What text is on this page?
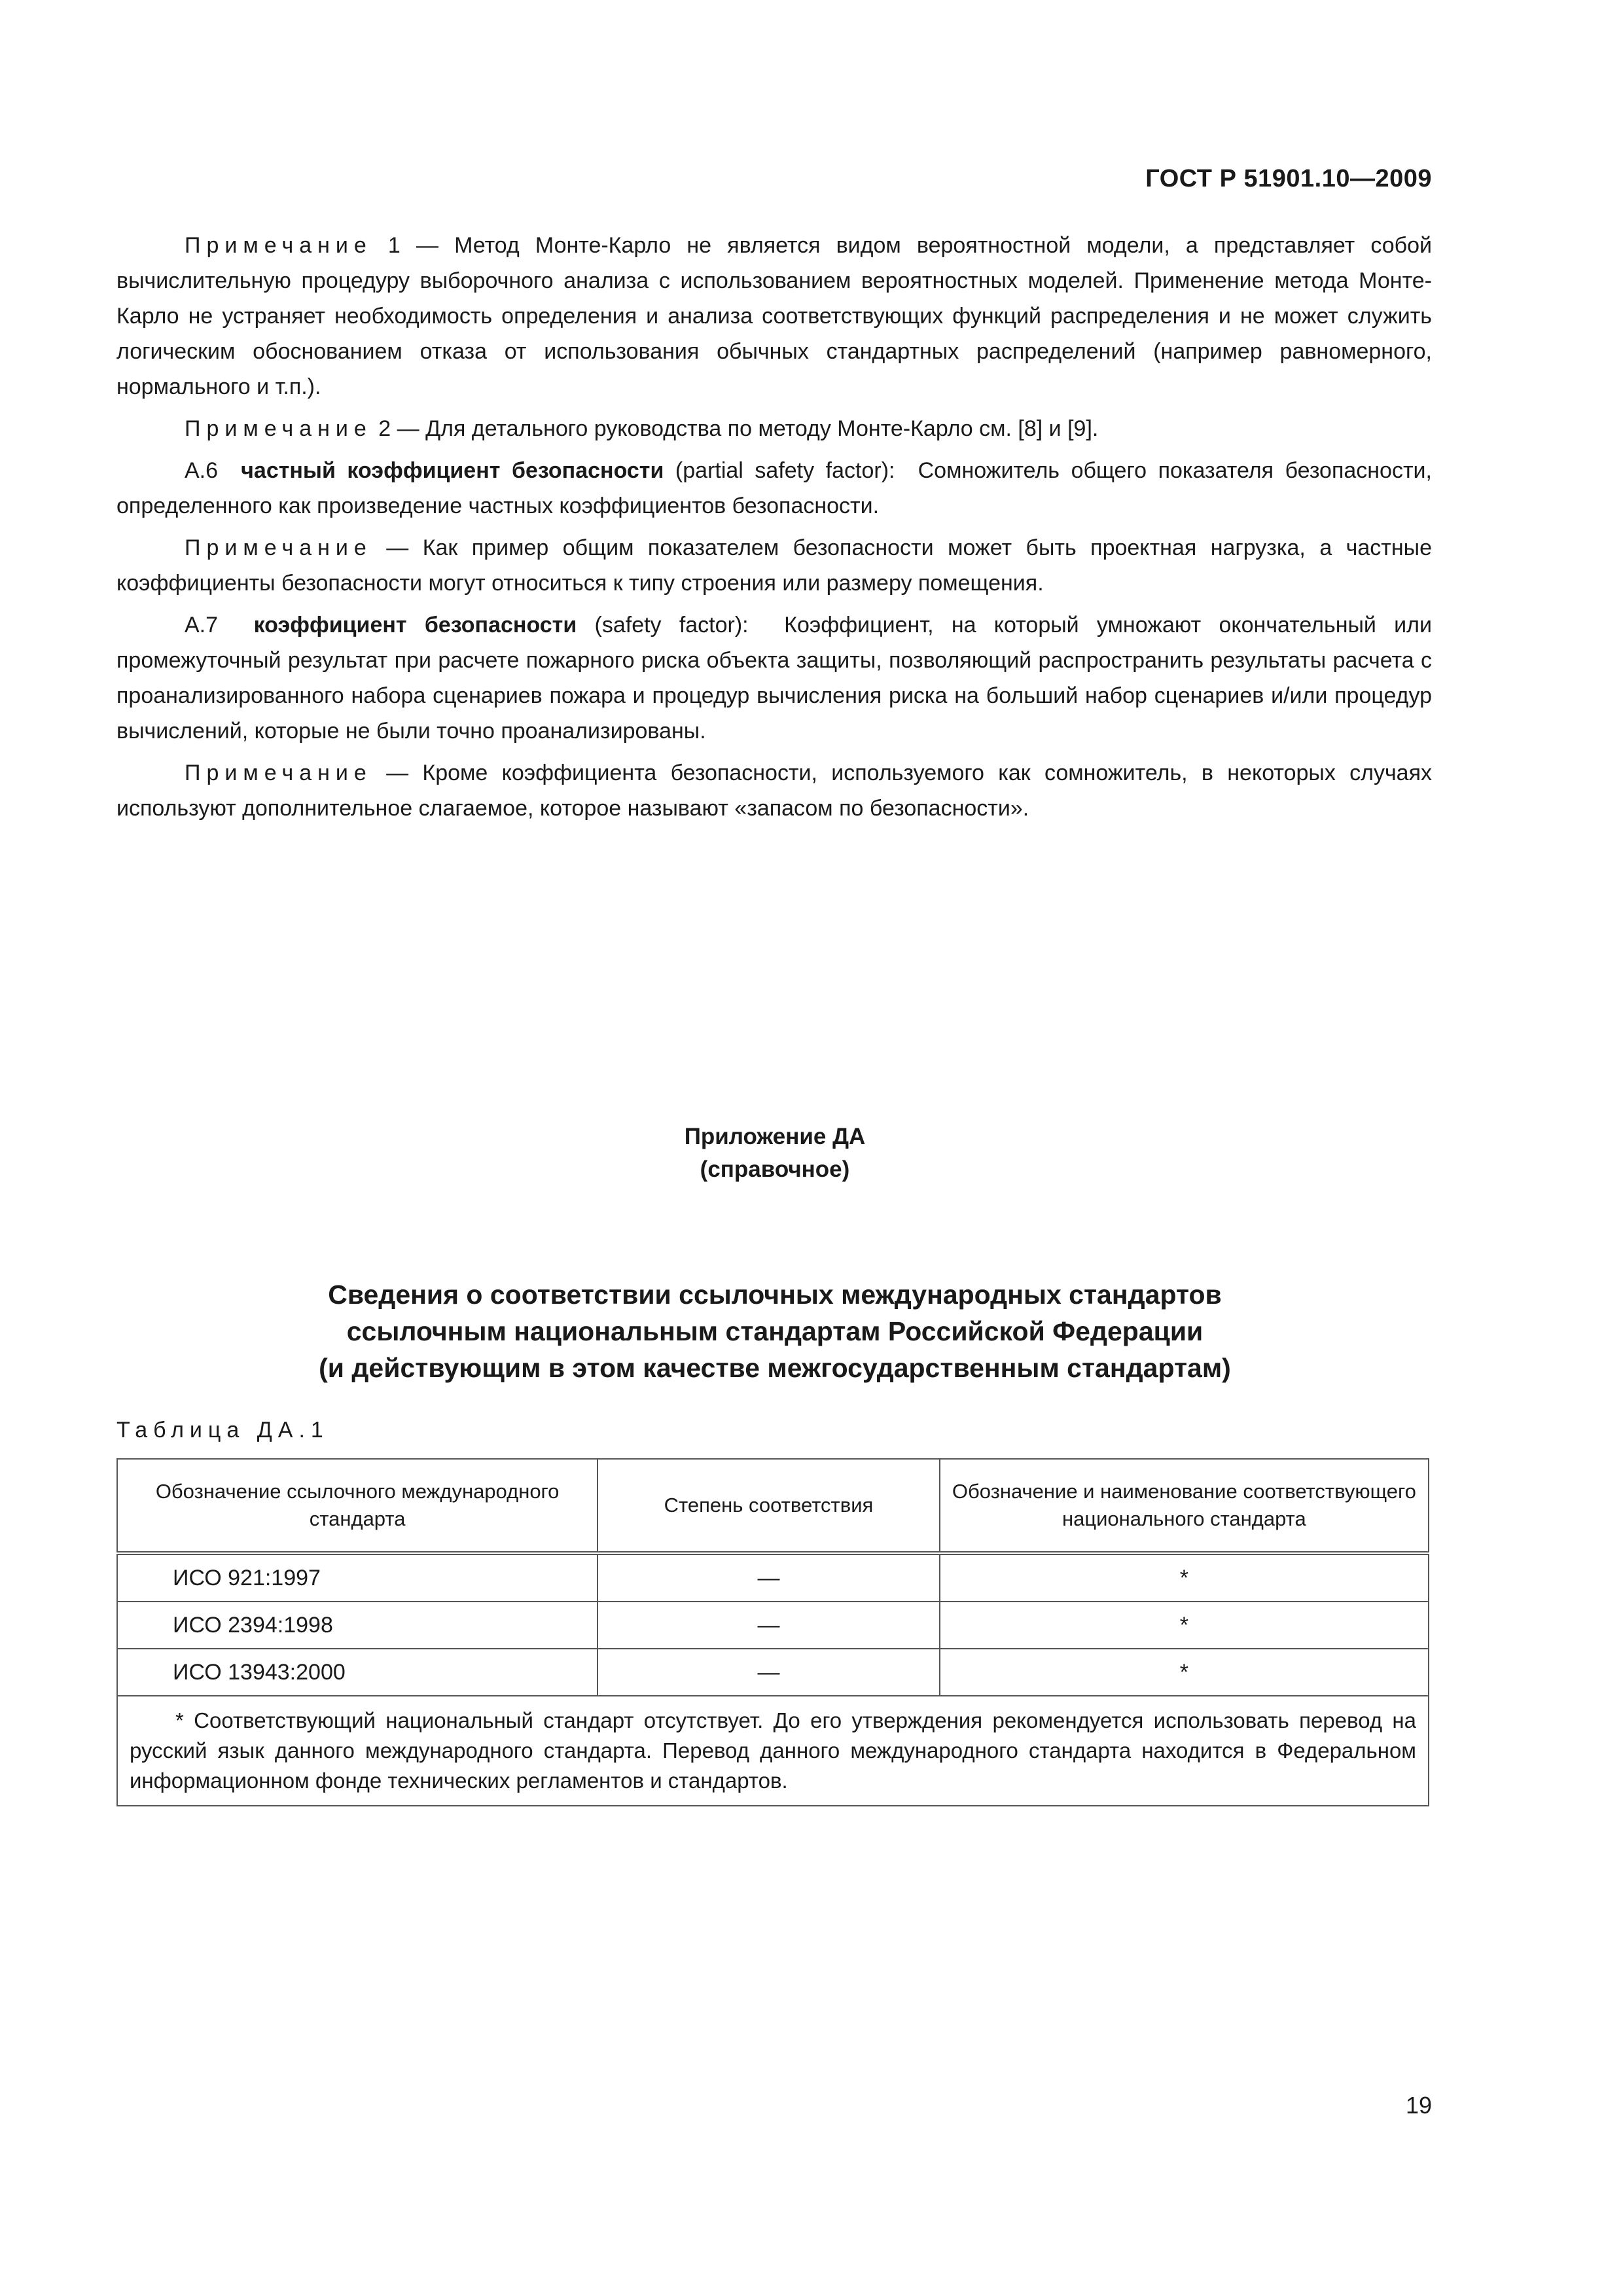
ГОСТ Р 51901.10—2009

Примечание 1 — Метод Монте-Карло не является видом вероятностной модели, а представляет собой вычислительную процедуру выборочного анализа с использованием вероятностных моделей. Применение метода Монте-Карло не устраняет необходимость определения и анализа соответствующих функций распределения и не может служить логическим обоснованием отказа от использования обычных стандартных распределений (например равномерного, нормального и т.п.).

Примечание 2 — Для детального руководства по методу Монте-Карло см. [8] и [9].

A.6 частный коэффициент безопасности (partial safety factor): Сомножитель общего показателя безопасности, определенного как произведение частных коэффициентов безопасности.

Примечание — Как пример общим показателем безопасности может быть проектная нагрузка, а частные коэффициенты безопасности могут относиться к типу строения или размеру помещения.

A.7 коэффициент безопасности (safety factor): Коэффициент, на который умножают окончательный или промежуточный результат при расчете пожарного риска объекта защиты, позволяющий распространить результаты расчета с проанализированного набора сценариев пожара и процедур вычисления риска на больший набор сценариев и/или процедур вычислений, которые не были точно проанализированы.

Примечание — Кроме коэффициента безопасности, используемого как сомножитель, в некоторых случаях используют дополнительное слагаемое, которое называют «запасом по безопасности».

Приложение ДА
(справочное)
Сведения о соответствии ссылочных международных стандартов
ссылочным национальным стандартам Российской Федерации
(и действующим в этом качестве межгосударственным стандартам)
Таблица ДА.1
Обозначение ссылочного международного стандарта	Степень соответствия	Обозначение и наименование соответствующего национального стандарта
ИСО 921:1997	—	*
ИСО 2394:1998	—	*
ИСО 13943:2000	—	*
* Соответствующий национальный стандарт отсутствует. До его утверждения рекомендуется использовать перевод на русский язык данного международного стандарта. Перевод данного международного стандарта находится в Федеральном информационном фонде технических регламентов и стандартов.		
19
